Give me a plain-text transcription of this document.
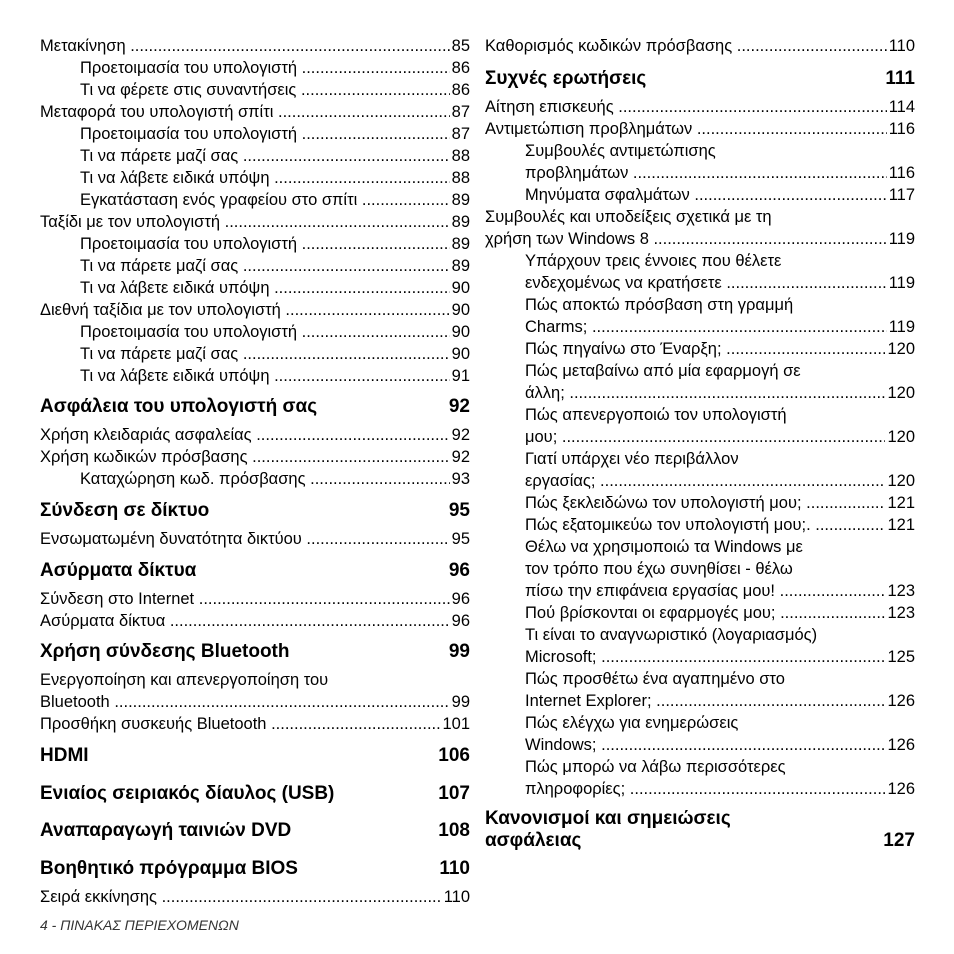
Μετακίνηση .....	85
Προετοιμασία του υπολογιστή .....	86
Τι να φέρετε στις συναντήσεις .....	86
Μεταφορά του υπολογιστή σπίτι .....	87
Προετοιμασία του υπολογιστή .....	87
Τι να πάρετε μαζί σας .....	88
Τι να λάβετε ειδικά υπόψη .....	88
Εγκατάσταση ενός γραφείου στο σπίτι .....	89
Ταξίδι με τον υπολογιστή .....	89
Προετοιμασία του υπολογιστή .....	89
Τι να πάρετε μαζί σας .....	89
Τι να λάβετε ειδικά υπόψη .....	90
Διεθνή ταξίδια με τον υπολογιστή .....	90
Προετοιμασία του υπολογιστή .....	90
Τι να πάρετε μαζί σας .....	90
Τι να λάβετε ειδικά υπόψη .....	91
Ασφάλεια του υπολογιστή σας	92
Χρήση κλειδαριάς ασφαλείας .....	92
Χρήση κωδικών πρόσβασης .....	92
Καταχώρηση κωδ. πρόσβασης .....	93
Σύνδεση σε δίκτυο	95
Ενσωματωμένη δυνατότητα δικτύου .....	95
Ασύρματα δίκτυα	96
Σύνδεση στο Internet .....	96
Ασύρματα δίκτυα .....	96
Χρήση σύνδεσης Bluetooth	99
Ενεργοποίηση και απενεργοποίηση του
Bluetooth .....	99
Προσθήκη συσκευής Bluetooth .....	101
HDMI	106
Ενιαίος σειριακός δίαυλος (USB)	107
Αναπαραγωγή ταινιών DVD	108
Βοηθητικό πρόγραμμα BIOS	110
Σειρά εκκίνησης .....	110
Καθορισμός κωδικών πρόσβασης .....	110
Συχνές ερωτήσεις	111
Αίτηση επισκευής .....	114
Αντιμετώπιση προβλημάτων .....	116
Συμβουλές αντιμετώπισης
προβλημάτων .....	116
Μηνύματα σφαλμάτων .....	117
Συμβουλές και υποδείξεις σχετικά με τη
χρήση των Windows 8 .....	119
Υπάρχουν τρεις έννοιες που θέλετε
ενδεχομένως να κρατήσετε .....	119
Πώς αποκτώ πρόσβαση στη γραμμή
Charms; .....	119
Πώς πηγαίνω στο Έναρξη; .....	120
Πώς μεταβαίνω από μία εφαρμογή σε
άλλη; .....	120
Πώς απενεργοποιώ τον υπολογιστή
μου; .....	120
Γιατί υπάρχει νέο περιβάλλον
εργασίας; .....	120
Πώς ξεκλειδώνω τον υπολογιστή μου; .....	121
Πώς εξατομικεύω τον υπολογιστή μου;. .....	121
Θέλω να χρησιμοποιώ τα Windows με
τον τρόπο που έχω συνηθίσει - θέλω
πίσω την επιφάνεια εργασίας μου! .....	123
Πού βρίσκονται οι εφαρμογές μου; .....	123
Τι είναι το αναγνωριστικό (λογαριασμός)
Microsoft; .....	125
Πώς προσθέτω ένα αγαπημένο στο
Internet Explorer; .....	126
Πώς ελέγχω για ενημερώσεις
Windows; .....	126
Πώς μπορώ να λάβω περισσότερες
πληροφορίες; .....	126
Κανονισμοί και σημειώσεις
ασφάλειας	127
4 - ΠΙΝΑΚΑΣ ΠΕΡΙΕΧΟΜΕΝΩΝ
